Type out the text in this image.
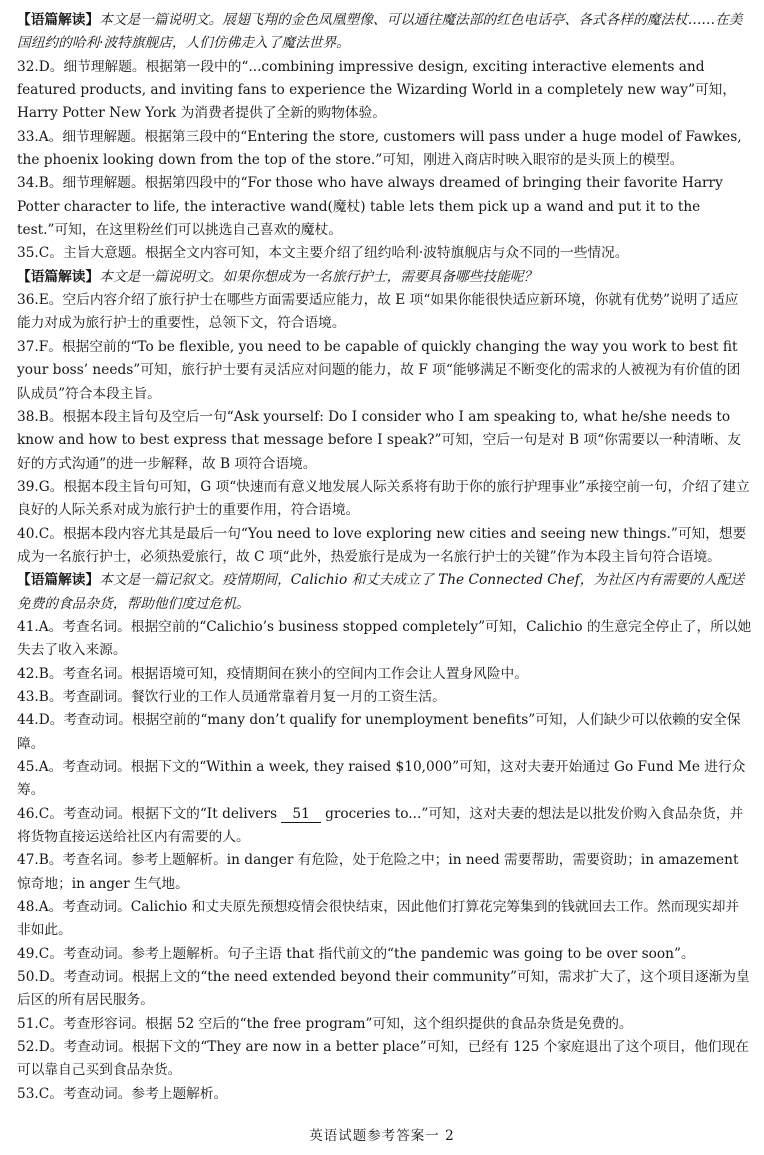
【语篇解读】本文是一篇说明文。展翅飞翔的金色凤凰塑像、可以通往魔法部的红色电话亭、各式各样的魔法杖……在美国纽约的哈利·波特旗舰店，人们仿佛走入了魔法世界。

32.D。细节理解题。根据第一段中的“...combining impressive design, exciting interactive elements and featured products, and inviting fans to experience the Wizarding World in a completely new way”可知，Harry Potter New York 为消费者提供了全新的购物体验。

33.A。细节理解题。根据第三段中的“Entering the store, customers will pass under a huge model of Fawkes, the phoenix looking down from the top of the store.”可知，刚进入商店时映入眼帘的是头顶上的模型。

34.B。细节理解题。根据第四段中的“For those who have always dreamed of bringing their favorite Harry Potter character to life, the interactive wand(魔杖) table lets them pick up a wand and put it to the test.”可知，在这里粉丝们可以挑选自己喜欢的魔杖。

35.C。主旨大意题。根据全文内容可知，本文主要介绍了纽约哈利·波特旗舰店与众不同的一些情况。

【语篇解读】本文是一篇说明文。如果你想成为一名旅行护士，需要具备哪些技能呢？

36.E。空后内容介绍了旅行护士在哪些方面需要适应能力，故 E 项“如果你能很快适应新环境，你就有优势”说明了适应能力对成为旅行护士的重要性，总领下文，符合语境。

37.F。根据空前的“To be flexible, you need to be capable of quickly changing the way you work to best fit your boss’ needs”可知，旅行护士要有灵活应对问题的能力，故 F 项“能够满足不断变化的需求的人被视为有价值的团队成员”符合本段主旨。

38.B。根据本段主旨句及空后一句“Ask yourself: Do I consider who I am speaking to, what he/she needs to know and how to best express that message before I speak?”可知，空后一句是对 B 项“你需要以一种清晰、友好的方式沟通”的进一步解释，故 B 项符合语境。

39.G。根据本段主旨句可知，G 项“快速而有意义地发展人际关系将有助于你的旅行护理事业”承接空前一句，介绍了建立良好的人际关系对成为旅行护士的重要作用，符合语境。

40.C。根据本段内容尤其是最后一句“You need to love exploring new cities and seeing new things.”可知，想要成为一名旅行护士，必须热爱旅行，故 C 项“此外，热爱旅行是成为一名旅行护士的关键”作为本段主旨句符合语境。

【语篇解读】本文是一篇记叙文。疫情期间，Calichio 和丈夫成立了 The Connected Chef，为社区内有需要的人配送免费的食品杂货，帮助他们度过危机。

41.A。考查名词。根据空前的“Calichio’s business stopped completely”可知，Calichio 的生意完全停止了，所以她失去了收入来源。

42.B。考查名词。根据语境可知，疫情期间在狭小的空间内工作会让人置身风险中。

43.B。考查副词。餐饮行业的工作人员通常靠着月复一月的工资生活。

44.D。考查动词。根据空前的“many don’t qualify for unemployment benefits”可知，人们缺少可以依赖的安全保障。

45.A。考查动词。根据下文的“Within a week, they raised $10,000”可知，这对夫妻开始通过 Go Fund Me 进行众筹。

46.C。考查动词。根据下文的“It delivers 51 groceries to...”可知，这对夫妻的想法是以批发价购入食品杂货，并将货物直接运送给社区内有需要的人。

47.B。考查名词。参考上题解析。in danger 有危险，处于危险之中；in need 需要帮助，需要资助；in amazement 惊奇地；in anger 生气地。

48.A。考查动词。Calichio 和丈夫原先预想疫情会很快结束，因此他们打算花完筹集到的钱就回去工作。然而现实却并非如此。

49.C。考查动词。参考上题解析。句子主语 that 指代前文的“the pandemic was going to be over soon”。

50.D。考查动词。根据上文的“the need extended beyond their community”可知，需求扩大了，这个项目逐渐为皇后区的所有居民服务。

51.C。考查形容词。根据 52 空后的“the free program”可知，这个组织提供的食品杂货是免费的。

52.D。考查动词。根据下文的“They are now in a better place”可知，已经有 125 个家庭退出了这个项目，他们现在可以靠自己买到食品杂货。

53.C。考查动词。参考上题解析。

英语试题参考答案一 2
